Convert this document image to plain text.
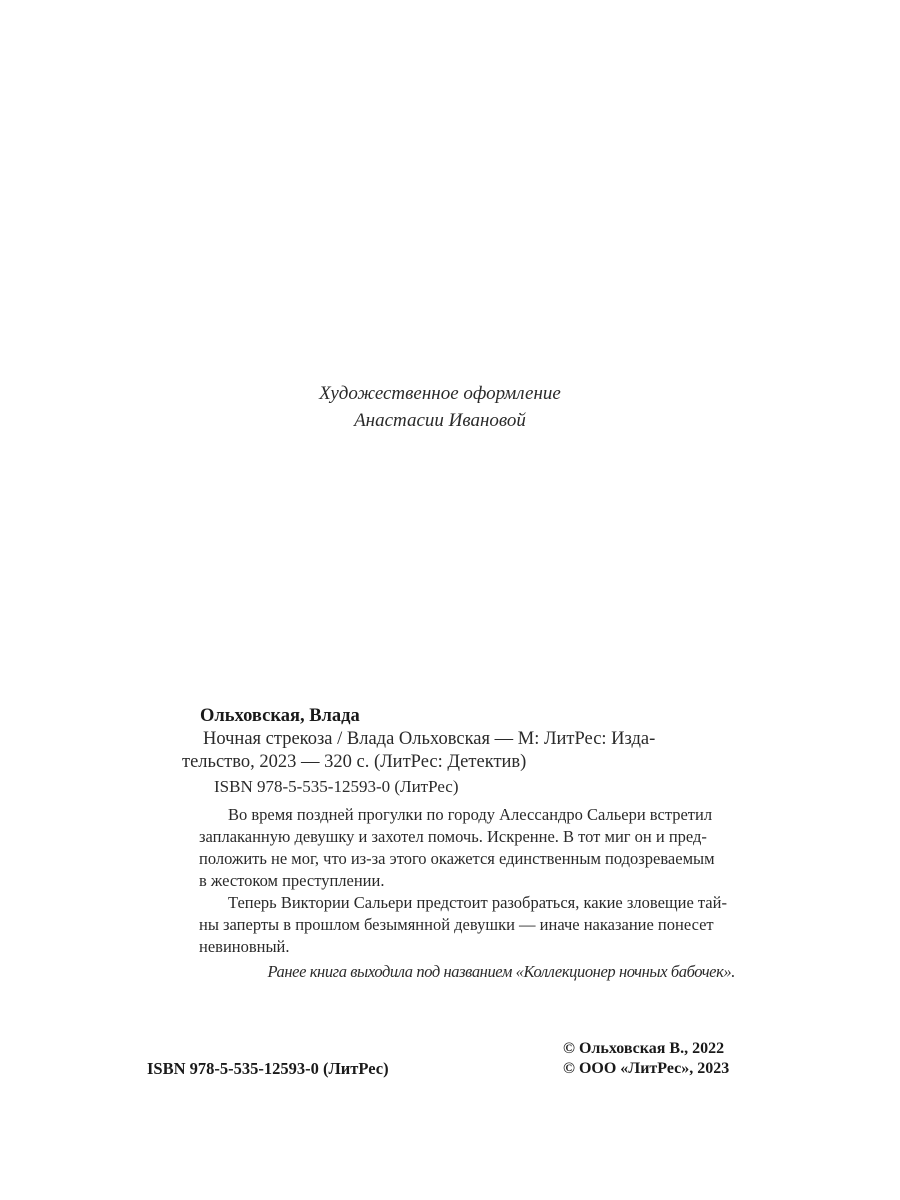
Художественное оформление
Анастасии Ивановой
Ольховская, Влада
Ночная стрекоза / Влада Ольховская — М: ЛитРес: Изда-
тельство, 2023 — 320 с. (ЛитРес: Детектив)
ISBN 978-5-535-12593-0 (ЛитРес)
Во время поздней прогулки по городу Алессандро Сальери встретил
заплаканную девушку и захотел помочь. Искренне. В тот миг он и пред-
положить не мог, что из-за этого окажется единственным подозреваемым
в жестоком преступлении.
Теперь Виктории Сальери предстоит разобраться, какие зловещие тай-
ны заперты в прошлом безымянной девушки — иначе наказание понесет
невиновный.
Ранее книга выходила под названием «Коллекционер ночных бабочек».
ISBN 978-5-535-12593-0 (ЛитРес)
© Ольховская В., 2022
© ООО «ЛитРес», 2023
